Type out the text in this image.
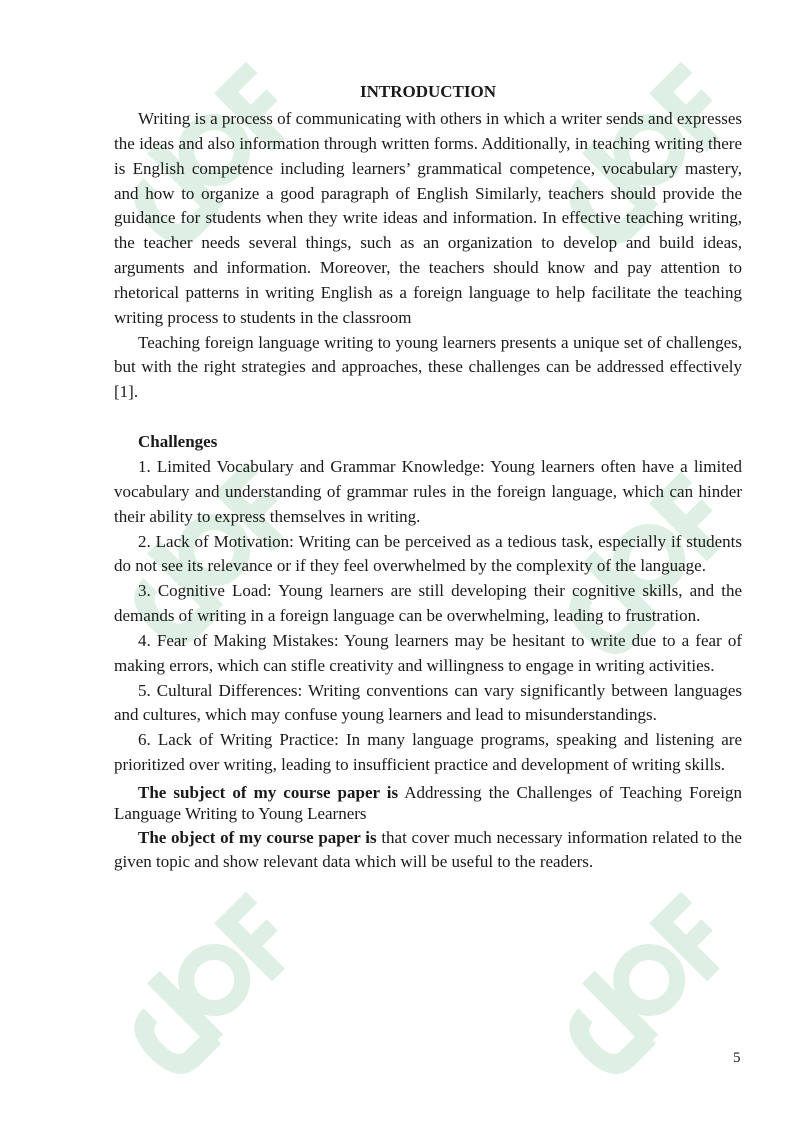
INTRODUCTION

Writing is a process of communicating with others in which a writer sends and expresses the ideas and also information through written forms. Additionally, in teaching writing there is English competence including learners’ grammatical competence, vocabulary mastery, and how to organize a good paragraph of English Similarly, teachers should provide the guidance for students when they write ideas and information. In effective teaching writing, the teacher needs several things, such as an organization to develop and build ideas, arguments and information. Moreover, the teachers should know and pay attention to rhetorical patterns in writing English as a foreign language to help facilitate the teaching writing process to students in the classroom

Teaching foreign language writing to young learners presents a unique set of challenges, but with the right strategies and approaches, these challenges can be addressed effectively [1].

Challenges

1. Limited Vocabulary and Grammar Knowledge: Young learners often have a limited vocabulary and understanding of grammar rules in the foreign language, which can hinder their ability to express themselves in writing.

2. Lack of Motivation: Writing can be perceived as a tedious task, especially if students do not see its relevance or if they feel overwhelmed by the complexity of the language.

3. Cognitive Load: Young learners are still developing their cognitive skills, and the demands of writing in a foreign language can be overwhelming, leading to frustration.

4. Fear of Making Mistakes: Young learners may be hesitant to write due to a fear of making errors, which can stifle creativity and willingness to engage in writing activities.

5. Cultural Differences: Writing conventions can vary significantly between languages and cultures, which may confuse young learners and lead to misunderstandings.

6. Lack of Writing Practice: In many language programs, speaking and listening are prioritized over writing, leading to insufficient practice and development of writing skills.

The subject of my course paper is Addressing the Challenges of Teaching Foreign Language Writing to Young Learners

The object of my course paper is that cover much necessary information related to the given topic and show relevant data which will be useful to the readers.

5
